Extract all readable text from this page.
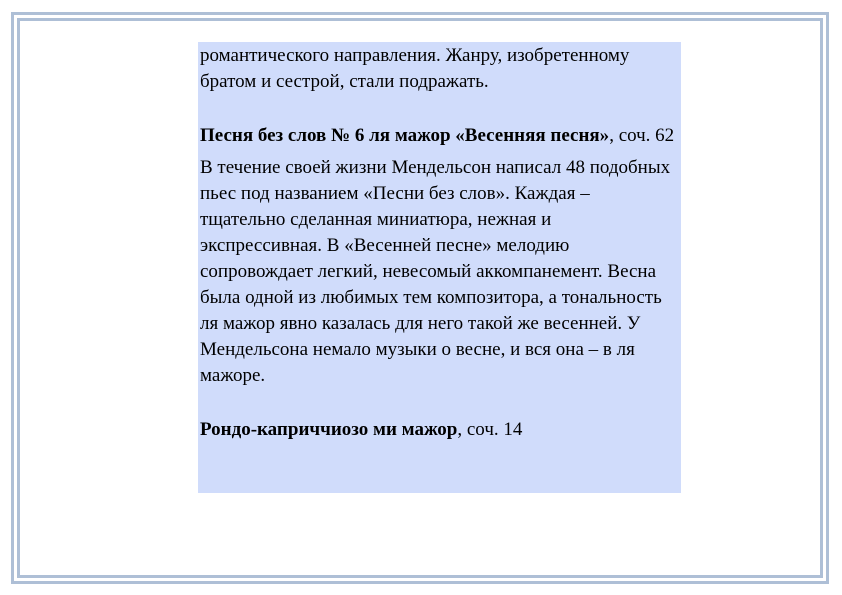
романтического направления. Жанру, изобретенному братом и сестрой, стали подражать.

Песня без слов № 6 ля мажор «Весенняя песня», соч. 62

В течение своей жизни Мендельсон написал 48 подобных пьес под названием «Песни без слов». Каждая – тщательно сделанная миниатюра, нежная и экспрессивная. В «Весенней песне» мелодию сопровождает легкий, невесомый аккомпанемент. Весна была одной из любимых тем композитора, а тональность ля мажор явно казалась для него такой же весенней. У Мендельсона немало музыки о весне, и вся она – в ля мажоре.

Рондо-каприччиозо ми мажор, соч. 14
